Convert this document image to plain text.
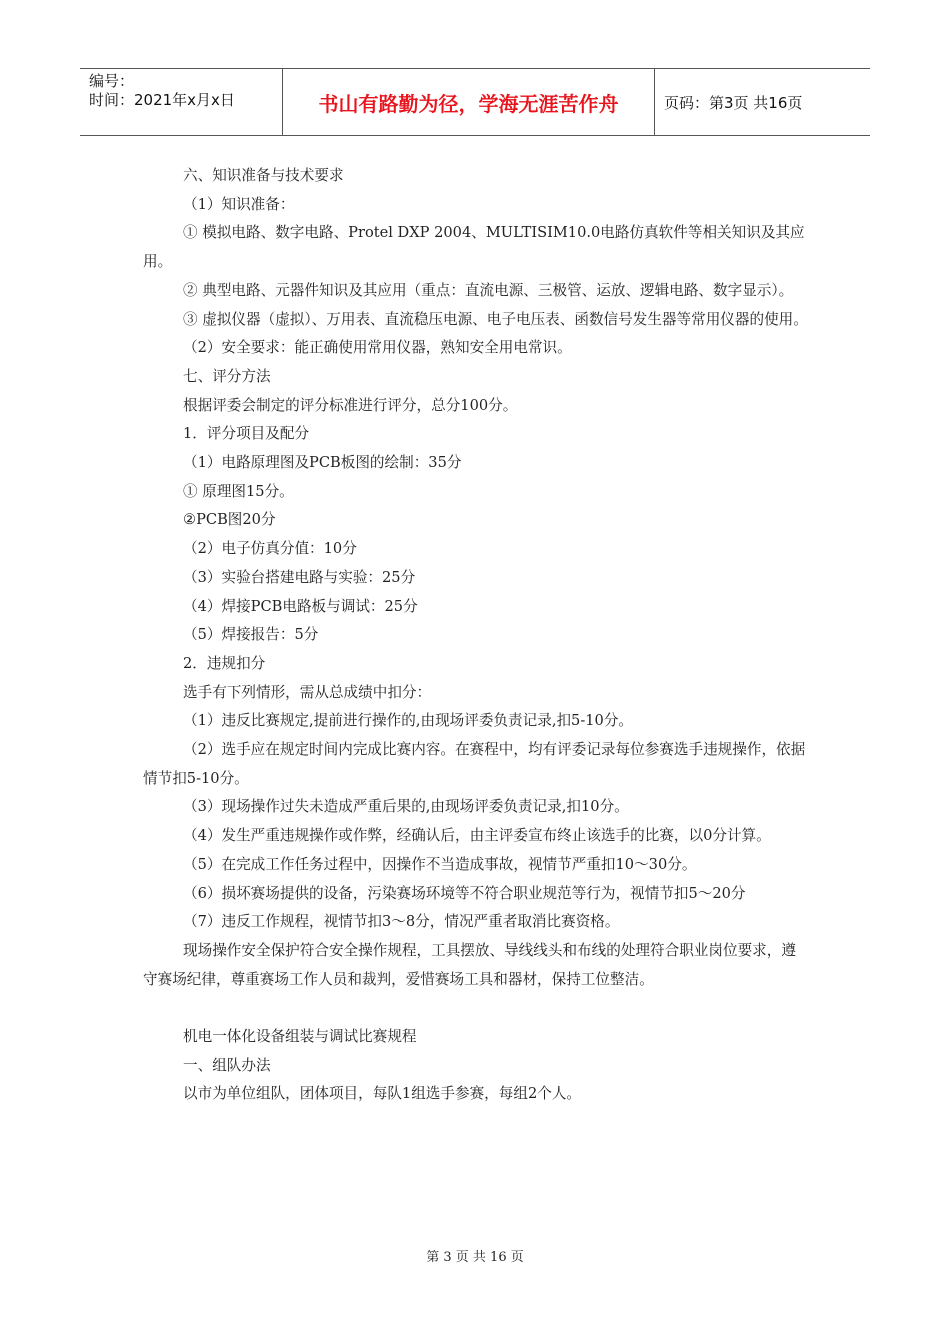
编号：
时间：2021年x月x日	书山有路勤为径，学海无涯苦作舟	页码：第3页 共16页

六、知识准备与技术要求

（1）知识准备：

① 模拟电路、数字电路、Protel DXP 2004、MULTISIM10.0电路仿真软件等相关知识及其应用。

② 典型电路、元器件知识及其应用（重点：直流电源、三极管、运放、逻辑电路、数字显示）。

③ 虚拟仪器（虚拟）、万用表、直流稳压电源、电子电压表、函数信号发生器等常用仪器的使用。

（2）安全要求：能正确使用常用仪器，熟知安全用电常识。

七、评分方法

根据评委会制定的评分标准进行评分，总分100分。

1．评分项目及配分

（1）电路原理图及PCB板图的绘制：35分

① 原理图15分。

②PCB图20分

（2）电子仿真分值：10分

（3）实验台搭建电路与实验：25分

（4）焊接PCB电路板与调试：25分

（5）焊接报告：5分

2．违规扣分

选手有下列情形，需从总成绩中扣分：

（1）违反比赛规定,提前进行操作的,由现场评委负责记录,扣5-10分。

（2）选手应在规定时间内完成比赛内容。在赛程中，均有评委记录每位参赛选手违规操作，依据情节扣5-10分。

（3）现场操作过失未造成严重后果的,由现场评委负责记录,扣10分。

（4）发生严重违规操作或作弊，经确认后，由主评委宣布终止该选手的比赛，以0分计算。

（5）在完成工作任务过程中，因操作不当造成事故，视情节严重扣10～30分。

（6）损坏赛场提供的设备，污染赛场环境等不符合职业规范等行为，视情节扣5～20分

（7）违反工作规程，视情节扣3～8分，情况严重者取消比赛资格。

现场操作安全保护符合安全操作规程，工具摆放、导线线头和布线的处理符合职业岗位要求，遵守赛场纪律，尊重赛场工作人员和裁判，爱惜赛场工具和器材，保持工位整洁。

机电一体化设备组装与调试比赛规程

一、组队办法

以市为单位组队，团体项目，每队1组选手参赛，每组2个人。

第 3 页 共 16 页
